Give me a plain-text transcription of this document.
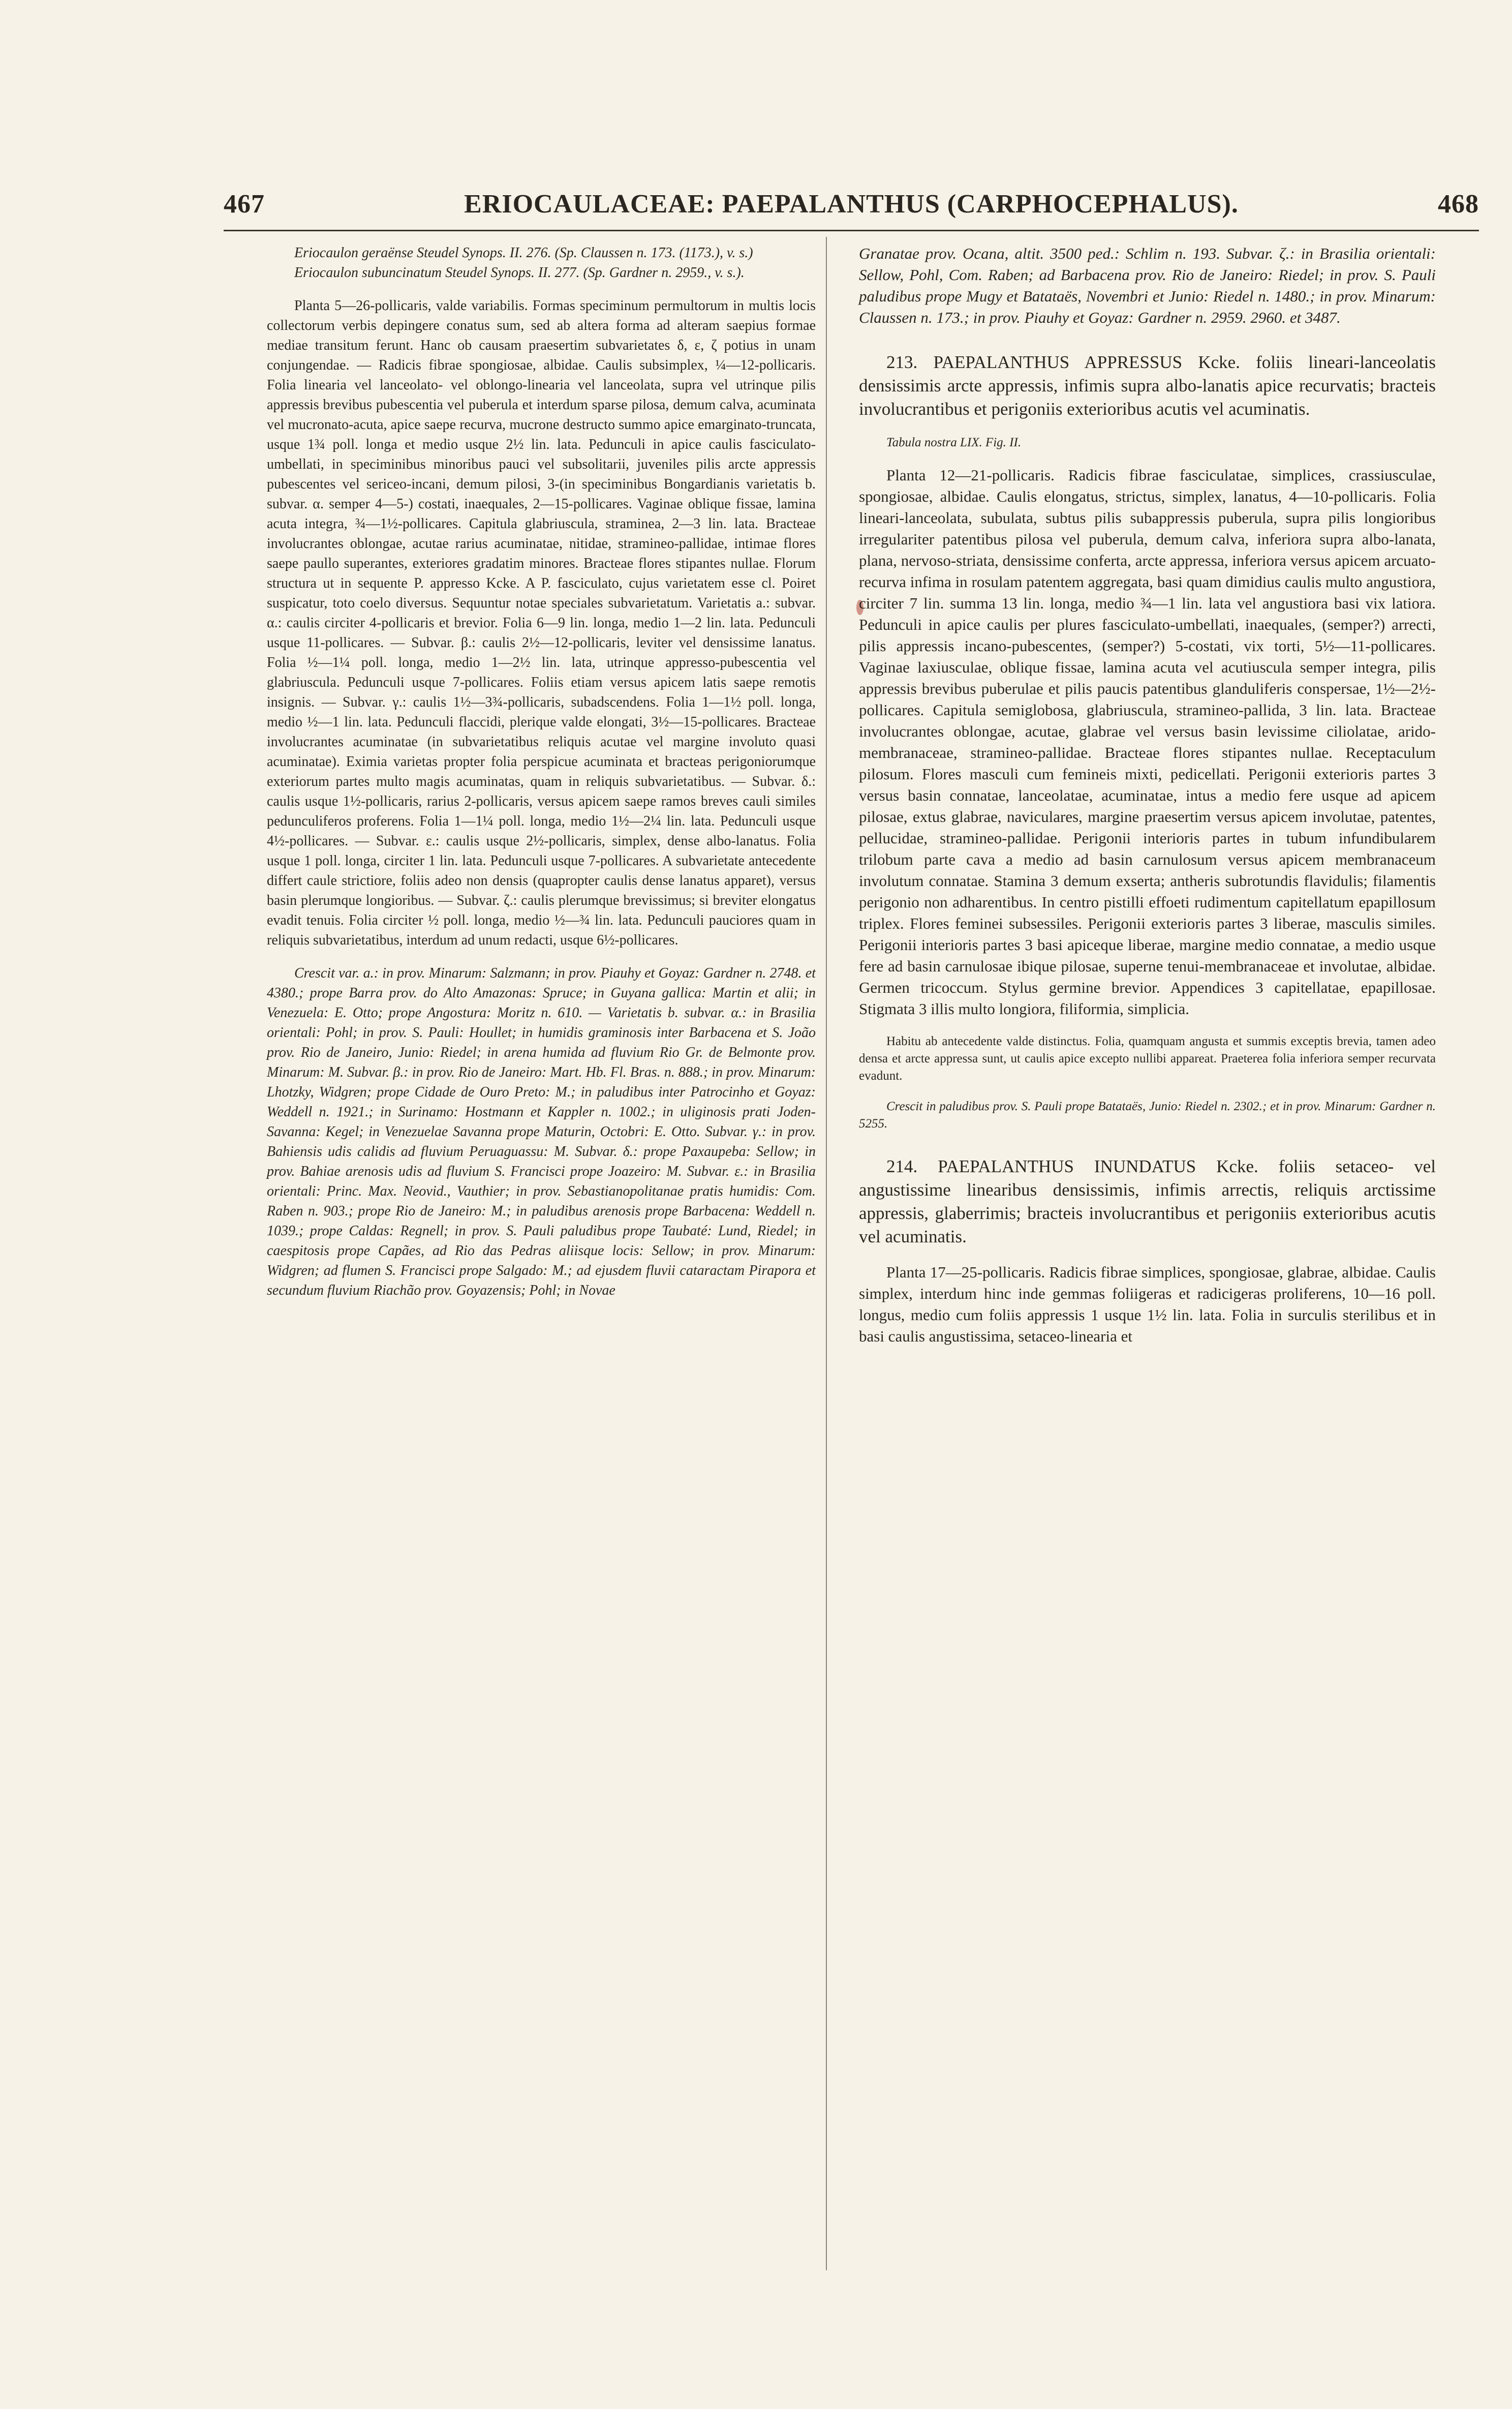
467	ERIOCAULACEAE: PAEPALANTHUS (CARPHOCEPHALUS).	468

Eriocaulon geraënse Steudel Synops. II. 276. (Sp. Claussen n. 173. (1173.), v. s.)

Eriocaulon subuncinatum Steudel Synops. II. 277. (Sp. Gardner n. 2959., v. s.).

Planta 5—26-pollicaris, valde variabilis. Formas speciminum permultorum in multis locis collectorum verbis depingere conatus sum, sed ab altera forma ad alteram saepius formae mediae transitum ferunt. Hanc ob causam praesertim subvarietates δ, ε, ζ potius in unam conjungendae. — Radicis fibrae spongiosae, albidae. Caulis subsimplex, ¼—12-pollicaris. Folia linearia vel lanceolato- vel oblongo-linearia vel lanceolata, supra vel utrinque pilis appressis brevibus pubescentia vel puberula et interdum sparse pilosa, demum calva, acuminata vel mucronato-acuta, apice saepe recurva, mucrone destructo summo apice emarginato-truncata, usque 1¾ poll. longa et medio usque 2½ lin. lata. Pedunculi in apice caulis fasciculato-umbellati, in speciminibus minoribus pauci vel subsolitarii, juveniles pilis arcte appressis pubescentes vel sericeo-incani, demum pilosi, 3-(in speciminibus Bongardianis varietatis b. subvar. α. semper 4—5-) costati, inaequales, 2—15-pollicares. Vaginae oblique fissae, lamina acuta integra, ¾—1½-pollicares. Capitula glabriuscula, straminea, 2—3 lin. lata. Bracteae involucrantes oblongae, acutae rarius acuminatae, nitidae, stramineo-pallidae, intimae flores saepe paullo superantes, exteriores gradatim minores. Bracteae flores stipantes nullae. Florum structura ut in sequente P. appresso Kcke. A P. fasciculato, cujus varietatem esse cl. Poiret suspicatur, toto coelo diversus. Sequuntur notae speciales subvarietatum. Varietatis a.: subvar. α.: caulis circiter 4-pollicaris et brevior. Folia 6—9 lin. longa, medio 1—2 lin. lata. Pedunculi usque 11-pollicares. — Subvar. β.: caulis 2½—12-pollicaris, leviter vel densissime lanatus. Folia ½—1¼ poll. longa, medio 1—2½ lin. lata, utrinque appresso-pubescentia vel glabriuscula. Pedunculi usque 7-pollicares. Foliis etiam versus apicem latis saepe remotis insignis. — Subvar. γ.: caulis 1½—3¾-pollicaris, subadscendens. Folia 1—1½ poll. longa, medio ½—1 lin. lata. Pedunculi flaccidi, plerique valde elongati, 3½—15-pollicares. Bracteae involucrantes acuminatae (in subvarietatibus reliquis acutae vel margine involuto quasi acuminatae). Eximia varietas propter folia perspicue acuminata et bracteas perigoniorumque exteriorum partes multo magis acuminatas, quam in reliquis subvarietatibus. — Subvar. δ.: caulis usque 1½-pollicaris, rarius 2-pollicaris, versus apicem saepe ramos breves cauli similes pedunculiferos proferens. Folia 1—1¼ poll. longa, medio 1½—2¼ lin. lata. Pedunculi usque 4½-pollicares. — Subvar. ε.: caulis usque 2½-pollicaris, simplex, dense albo-lanatus. Folia usque 1 poll. longa, circiter 1 lin. lata. Pedunculi usque 7-pollicares. A subvarietate antecedente differt caule strictiore, foliis adeo non densis (quapropter caulis dense lanatus apparet), versus basin plerumque longioribus. — Subvar. ζ.: caulis plerumque brevissimus; si breviter elongatus evadit tenuis. Folia circiter ½ poll. longa, medio ½—¾ lin. lata. Pedunculi pauciores quam in reliquis subvarietatibus, interdum ad unum redacti, usque 6½-pollicares.

Crescit var. a.: in prov. Minarum: Salzmann; in prov. Piauhy et Goyaz: Gardner n. 2748. et 4380.; prope Barra prov. do Alto Amazonas: Spruce; in Guyana gallica: Martin et alii; in Venezuela: E. Otto; prope Angostura: Moritz n. 610. — Varietatis b. subvar. α.: in Brasilia orientali: Pohl; in prov. S. Pauli: Houllet; in humidis graminosis inter Barbacena et S. João prov. Rio de Janeiro, Junio: Riedel; in arena humida ad fluvium Rio Gr. de Belmonte prov. Minarum: M. Subvar. β.: in prov. Rio de Janeiro: Mart. Hb. Fl. Bras. n. 888.; in prov. Minarum: Lhotzky, Widgren; prope Cidade de Ouro Preto: M.; in paludibus inter Patrocinho et Goyaz: Weddell n. 1921.; in Surinamo: Hostmann et Kappler n. 1002.; in uliginosis prati Joden-Savanna: Kegel; in Venezuelae Savanna prope Maturin, Octobri: E. Otto. Subvar. γ.: in prov. Bahiensis udis calidis ad fluvium Peruaguassu: M. Subvar. δ.: prope Paxaupeba: Sellow; in prov. Bahiae arenosis udis ad fluvium S. Francisci prope Joazeiro: M. Subvar. ε.: in Brasilia orientali: Princ. Max. Neovid., Vauthier; in prov. Sebastianopolitanae pratis humidis: Com. Raben n. 903.; prope Rio de Janeiro: M.; in paludibus arenosis prope Barbacena: Weddell n. 1039.; prope Caldas: Regnell; in prov. S. Pauli paludibus prope Taubaté: Lund, Riedel; in caespitosis prope Capães, ad Rio das Pedras aliisque locis: Sellow; in prov. Minarum: Widgren; ad flumen S. Francisci prope Salgado: M.; ad ejusdem fluvii cataractam Pirapora et secundum fluvium Riachão prov. Goyazensis; Pohl; in Novae

Granatae prov. Ocana, altit. 3500 ped.: Schlim n. 193. Subvar. ζ.: in Brasilia orientali: Sellow, Pohl, Com. Raben; ad Barbacena prov. Rio de Janeiro: Riedel; in prov. S. Pauli paludibus prope Mugy et Batataës, Novembri et Junio: Riedel n. 1480.; in prov. Minarum: Claussen n. 173.; in prov. Piauhy et Goyaz: Gardner n. 2959. 2960. et 3487.

213. PAEPALANTHUS APPRESSUS Kcke. foliis lineari-lanceolatis densissimis arcte appressis, infimis supra albo-lanatis apice recurvatis; bracteis involucrantibus et perigoniis exterioribus acutis vel acuminatis.

Tabula nostra LIX. Fig. II.

Planta 12—21-pollicaris. Radicis fibrae fasciculatae, simplices, crassiusculae, spongiosae, albidae. Caulis elongatus, strictus, simplex, lanatus, 4—10-pollicaris. Folia lineari-lanceolata, subulata, subtus pilis subappressis puberula, supra pilis longioribus irregulariter patentibus pilosa vel puberula, demum calva, inferiora supra albo-lanata, plana, nervoso-striata, densissime conferta, arcte appressa, inferiora versus apicem arcuato-recurva infima in rosulam patentem aggregata, basi quam dimidius caulis multo angustiora, circiter 7 lin. summa 13 lin. longa, medio ¾—1 lin. lata vel angustiora basi vix latiora. Pedunculi in apice caulis per plures fasciculato-umbellati, inaequales, (semper?) arrecti, pilis appressis incano-pubescentes, (semper?) 5-costati, vix torti, 5½—11-pollicares. Vaginae laxiusculae, oblique fissae, lamina acuta vel acutiuscula semper integra, pilis appressis brevibus puberulae et pilis paucis patentibus glanduliferis conspersae, 1½—2½-pollicares. Capitula semiglobosa, glabriuscula, stramineo-pallida, 3 lin. lata. Bracteae involucrantes oblongae, acutae, glabrae vel versus basin levissime ciliolatae, arido-membranaceae, stramineo-pallidae. Bracteae flores stipantes nullae. Receptaculum pilosum. Flores masculi cum femineis mixti, pedicellati. Perigonii exterioris partes 3 versus basin connatae, lanceolatae, acuminatae, intus a medio fere usque ad apicem pilosae, extus glabrae, naviculares, margine praesertim versus apicem involutae, patentes, pellucidae, stramineo-pallidae. Perigonii interioris partes in tubum infundibularem trilobum parte cava a medio ad basin carnulosum versus apicem membranaceum involutum connatae. Stamina 3 demum exserta; antheris subrotundis flavidulis; filamentis perigonio non adharentibus. In centro pistilli effoeti rudimentum capitellatum epapillosum triplex. Flores feminei subsessiles. Perigonii exterioris partes 3 liberae, masculis similes. Perigonii interioris partes 3 basi apiceque liberae, margine medio connatae, a medio usque fere ad basin carnulosae ibique pilosae, superne tenui-membranaceae et involutae, albidae. Germen tricoccum. Stylus germine brevior. Appendices 3 capitellatae, epapillosae. Stigmata 3 illis multo longiora, filiformia, simplicia.

Habitu ab antecedente valde distinctus. Folia, quamquam angusta et summis exceptis brevia, tamen adeo densa et arcte appressa sunt, ut caulis apice excepto nullibi appareat. Praeterea folia inferiora semper recurvata evadunt.

Crescit in paludibus prov. S. Pauli prope Batataës, Junio: Riedel n. 2302.; et in prov. Minarum: Gardner n. 5255.

214. PAEPALANTHUS INUNDATUS Kcke. foliis setaceo- vel angustissime linearibus densissimis, infimis arrectis, reliquis arctissime appressis, glaberrimis; bracteis involucrantibus et perigoniis exterioribus acutis vel acuminatis.

Planta 17—25-pollicaris. Radicis fibrae simplices, spongiosae, glabrae, albidae. Caulis simplex, interdum hinc inde gemmas foliigeras et radicigeras proliferens, 10—16 poll. longus, medio cum foliis appressis 1 usque 1½ lin. lata. Folia in surculis sterilibus et in basi caulis angustissima, setaceo-linearia et
